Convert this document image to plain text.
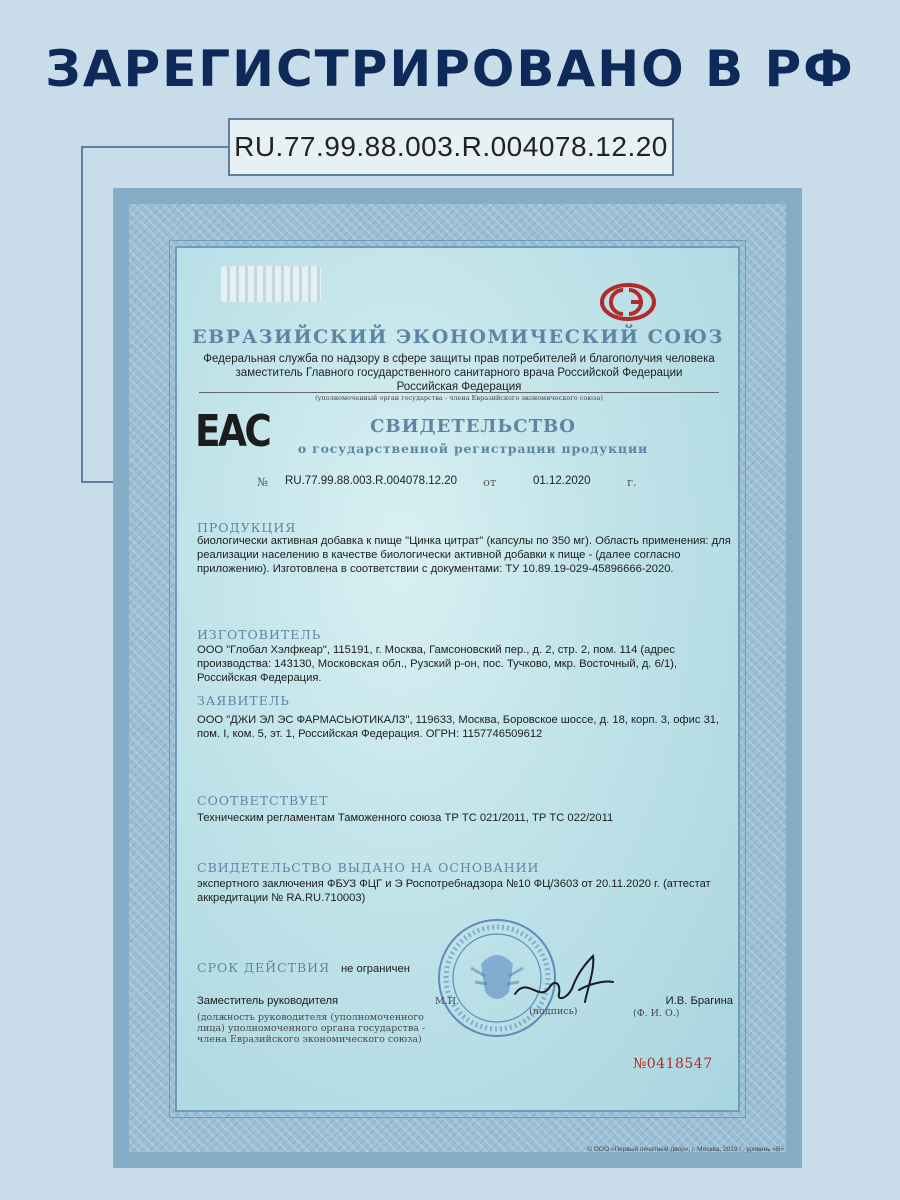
ЗАРЕГИСТРИРОВАНО В РФ
RU.77.99.88.003.R.004078.12.20
ЕВРАЗИЙСКИЙ ЭКОНОМИЧЕСКИЙ СОЮЗ
Федеральная служба по надзору в сфере защиты прав потребителей и благополучия человека
заместитель Главного государственного санитарного врача Российской Федерации
Российская Федерация
(уполномоченный орган государства - члена Евразийского экономического союза)
ЕАС	СВИДЕТЕЛЬСТВО
о государственной регистрации продукции
№ RU.77.99.88.003.R.004078.12.20 от	01.12.2020	г.
ПРОДУКЦИЯ
биологически активная добавка к пище "Цинка цитрат" (капсулы по 350 мг). Область применения: для реализации населению в качестве биологически активной добавки к пище - (далее согласно приложению). Изготовлена в соответствии с документами: ТУ 10.89.19-029-45896666-2020.
ИЗГОТОВИТЕЛЬ
ООО "Глобал Хэлфкеар", 115191, г. Москва, Гамсоновский пер., д. 2, стр. 2, пом. 114 (адрес производства: 143130, Московская обл., Рузский р-он, пос. Тучково, мкр. Восточный, д. 6/1), Российская Федерация.
ЗАЯВИТЕЛЬ
ООО "ДЖИ ЭЛ ЭС ФАРМАСЬЮТИКАЛЗ", 119633, Москва, Боровское шоссе, д. 18, корп. 3, офис 31, пом. I, ком. 5, эт. 1, Российская Федерация. ОГРН: 1157746509612
СООТВЕТСТВУЕТ
Техническим регламентам Таможенного союза ТР ТС 021/2011, ТР ТС 022/2011
СВИДЕТЕЛЬСТВО ВЫДАНО НА ОСНОВАНИИ
экспертного заключения ФБУЗ ФЦГ и Э Роспотребнадзора №10 ФЦ/3603 от 20.11.2020 г. (аттестат аккредитации № RA.RU.710003)
СРОК ДЕЙСТВИЯ не ограничен
Заместитель руководителя	М.П.
(подпись)
И.В. Брагина
(Ф. И. О.)
(должность руководителя (уполномоченного лица) уполномоченного органа государства - члена Евразийского экономического союза)
№0418547
© ООО «Первый печатный двор», г. Москва, 2019 г., уровень «В»
